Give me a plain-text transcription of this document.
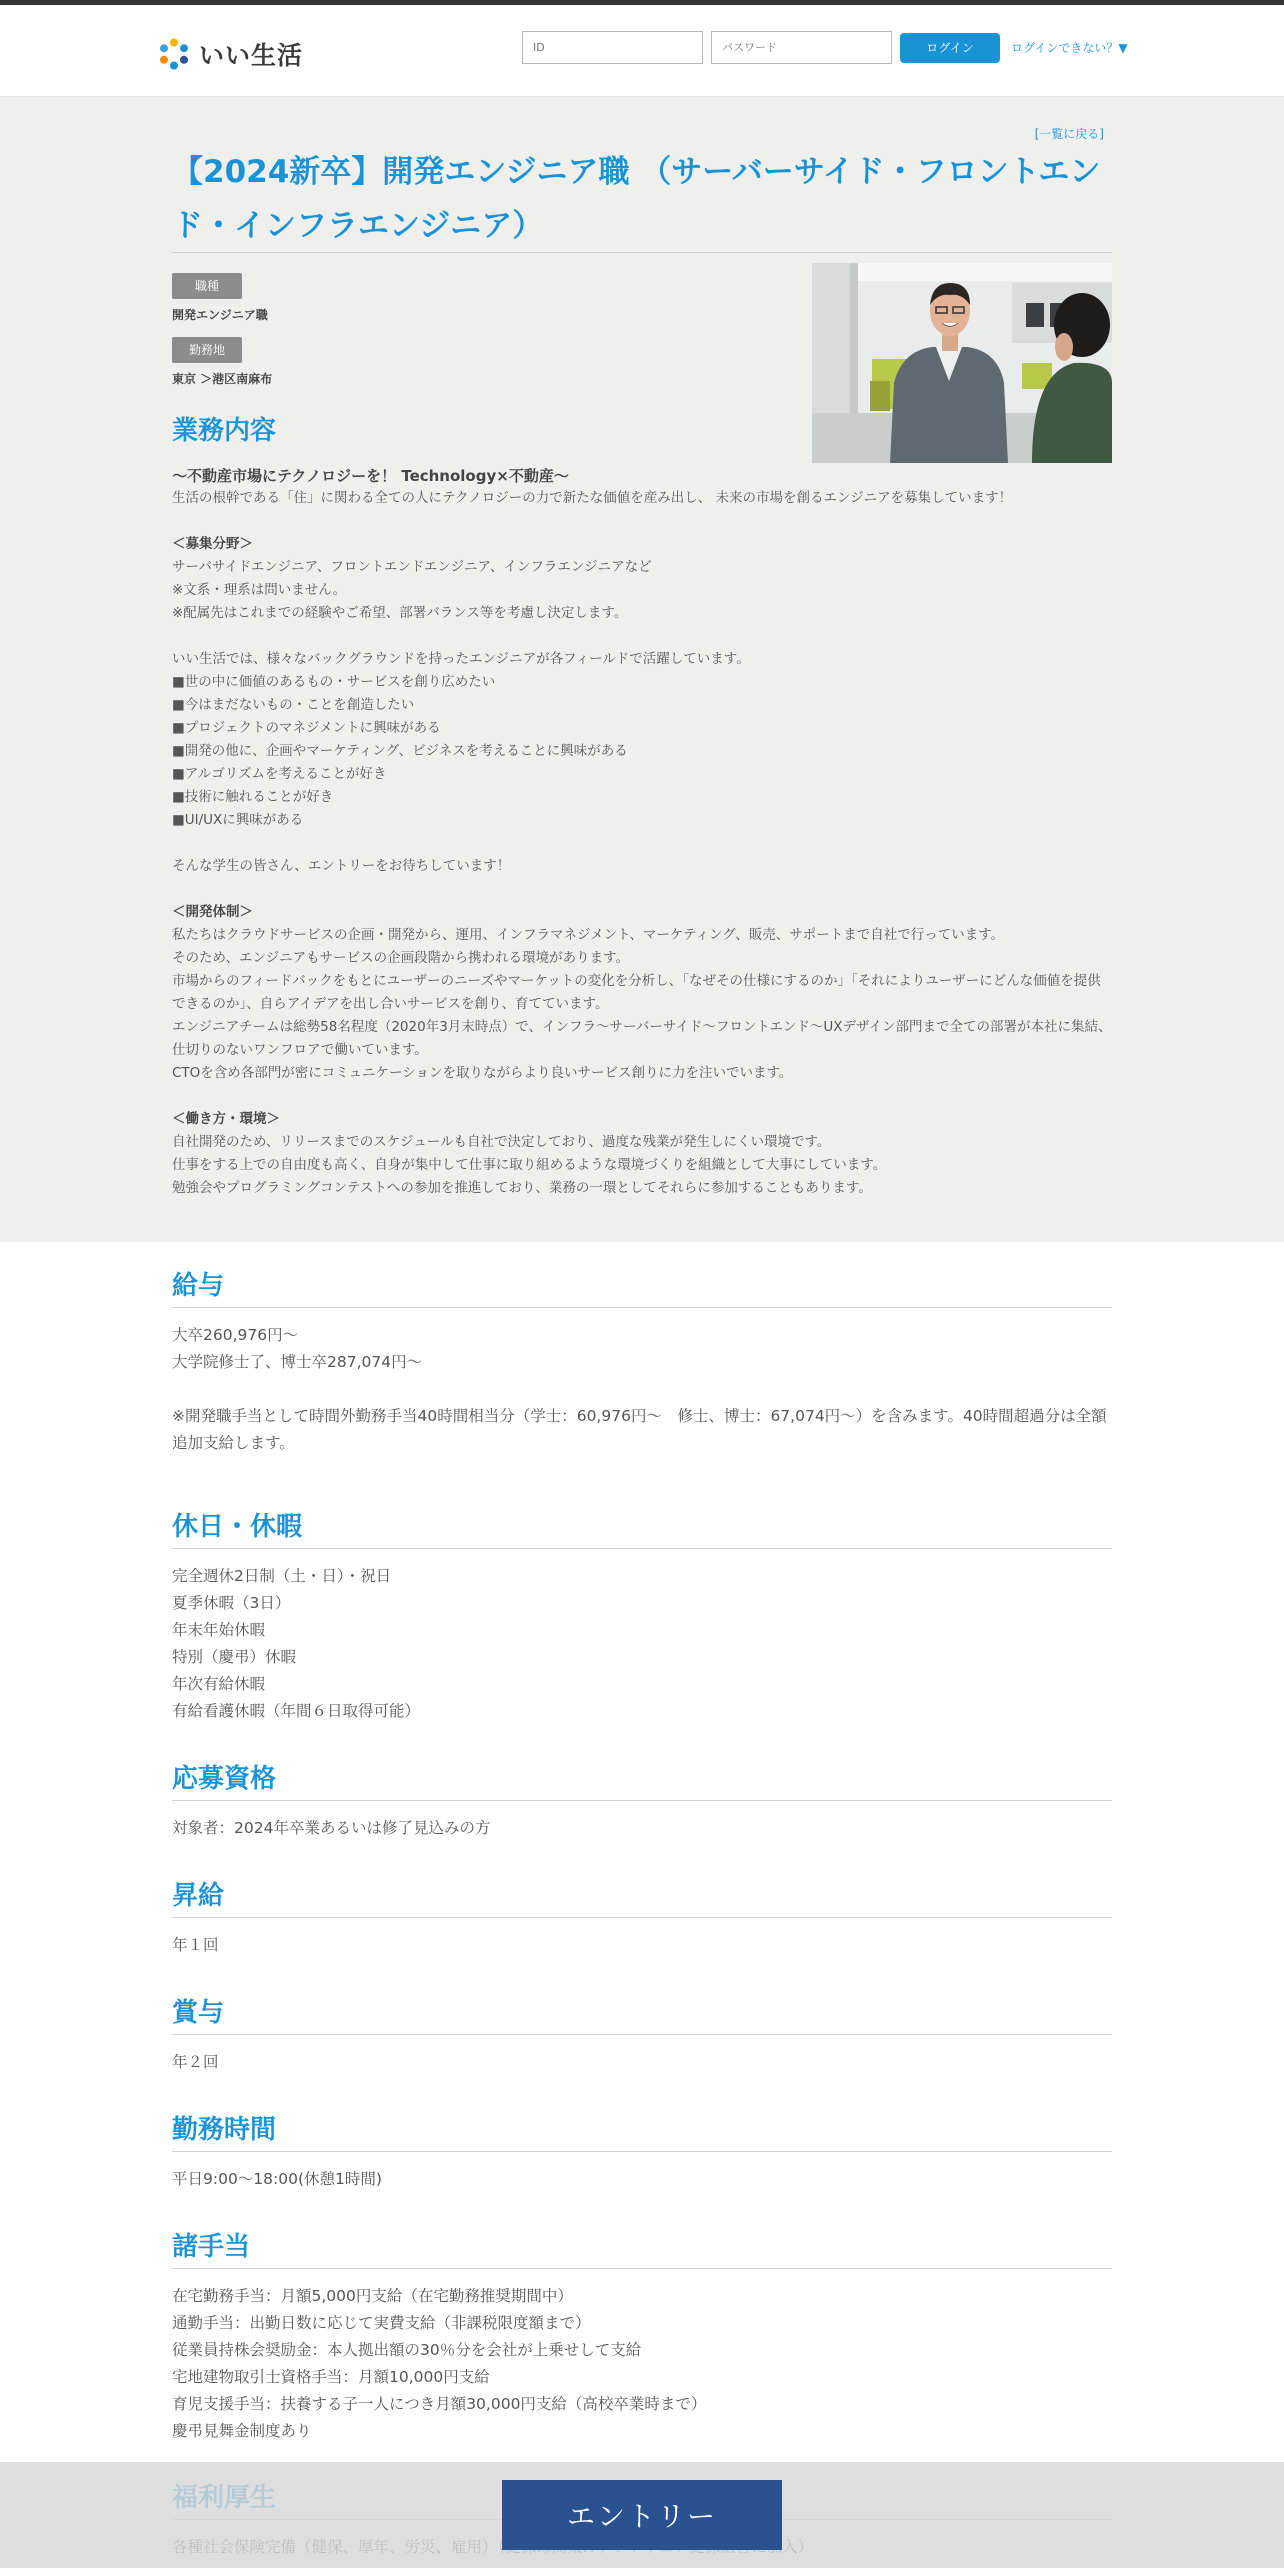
いい生活
ID	ログイン	ログインできない？▼
[一覧に戻る]
【2024新卒】開発エンジニア職 （サーバーサイド・フロントエンド・インフラエンジニア）
職種
開発エンジニア職
勤務地
東京 ＞港区南麻布
業務内容
〜不動産市場にテクノロジーを！ Technology×不動産〜

生活の根幹である「住」に関わる全ての人にテクノロジーの力で新たな価値を産み出し、 未来の市場を創るエンジニアを募集しています！

＜募集分野＞

サーバサイドエンジニア、フロントエンドエンジニア、インフラエンジニアなど

※文系・理系は問いません。

※配属先はこれまでの経験やご希望、部署バランス等を考慮し決定します。

いい生活では、様々なバックグラウンドを持ったエンジニアが各フィールドで活躍しています。

■世の中に価値のあるもの・サービスを創り広めたい

■今はまだないもの・ことを創造したい

■プロジェクトのマネジメントに興味がある

■開発の他に、企画やマーケティング、ビジネスを考えることに興味がある

■アルゴリズムを考えることが好き

■技術に触れることが好き

■UI/UXに興味がある

そんな学生の皆さん、エントリーをお待ちしています！

＜開発体制＞

私たちはクラウドサービスの企画・開発から、運用、インフラマネジメント、マーケティング、販売、サポートまで自社で行っています。

そのため、エンジニアもサービスの企画段階から携われる環境があります。

市場からのフィードバックをもとにユーザーのニーズやマーケットの変化を分析し、「なぜその仕様にするのか」「それによりユーザーにどんな価値を提供できるのか」、自らアイデアを出し合いサービスを創り、育てています。

エンジニアチームは総勢58名程度（2020年3月末時点）で、インフラ～サーバーサイド～フロントエンド～UXデザイン部門まで全ての部署が本社に集結、仕切りのないワンフロアで働いています。

CTOを含め各部門が密にコミュニケーションを取りながらより良いサービス創りに力を注いでいます。

＜働き方・環境＞

自社開発のため、リリースまでのスケジュールも自社で決定しており、過度な残業が発生しにくい環境です。

仕事をする上での自由度も高く、自身が集中して仕事に取り組めるような環境づくりを組織として大事にしています。

勉強会やプログラミングコンテストへの参加を推進しており、業務の一環としてそれらに参加することもあります。

給与

大卒260,976円～

大学院修士了、博士卒287,074円～

※開発職手当として時間外勤務手当40時間相当分（学士：60,976円～　修士、博士：67,074円～）を含みます。40時間超過分は全額追加支給します。

休日・休暇

完全週休2日制（土・日）・祝日

夏季休暇（3日）

年末年始休暇

特別（慶弔）休暇

年次有給休暇

有給看護休暇（年間６日取得可能）

応募資格

対象者：2024年卒業あるいは修了見込みの方

昇給

年１回

賞与

年２回

勤務時間

平日9:00～18:00(休憩1時間)

諸手当

在宅勤務手当：月額5,000円支給（在宅勤務推奨期間中）

通勤手当：出勤日数に応じて実費支給（非課税限度額まで）

従業員持株会奨励金：本人拠出額の30％分を会社が上乗せして支給

宅地建物取引士資格手当：月額10,000円支給

育児支援手当：扶養する子一人につき月額30,000円支給（高校卒業時まで）

慶弔見舞金制度あり

エントリー
